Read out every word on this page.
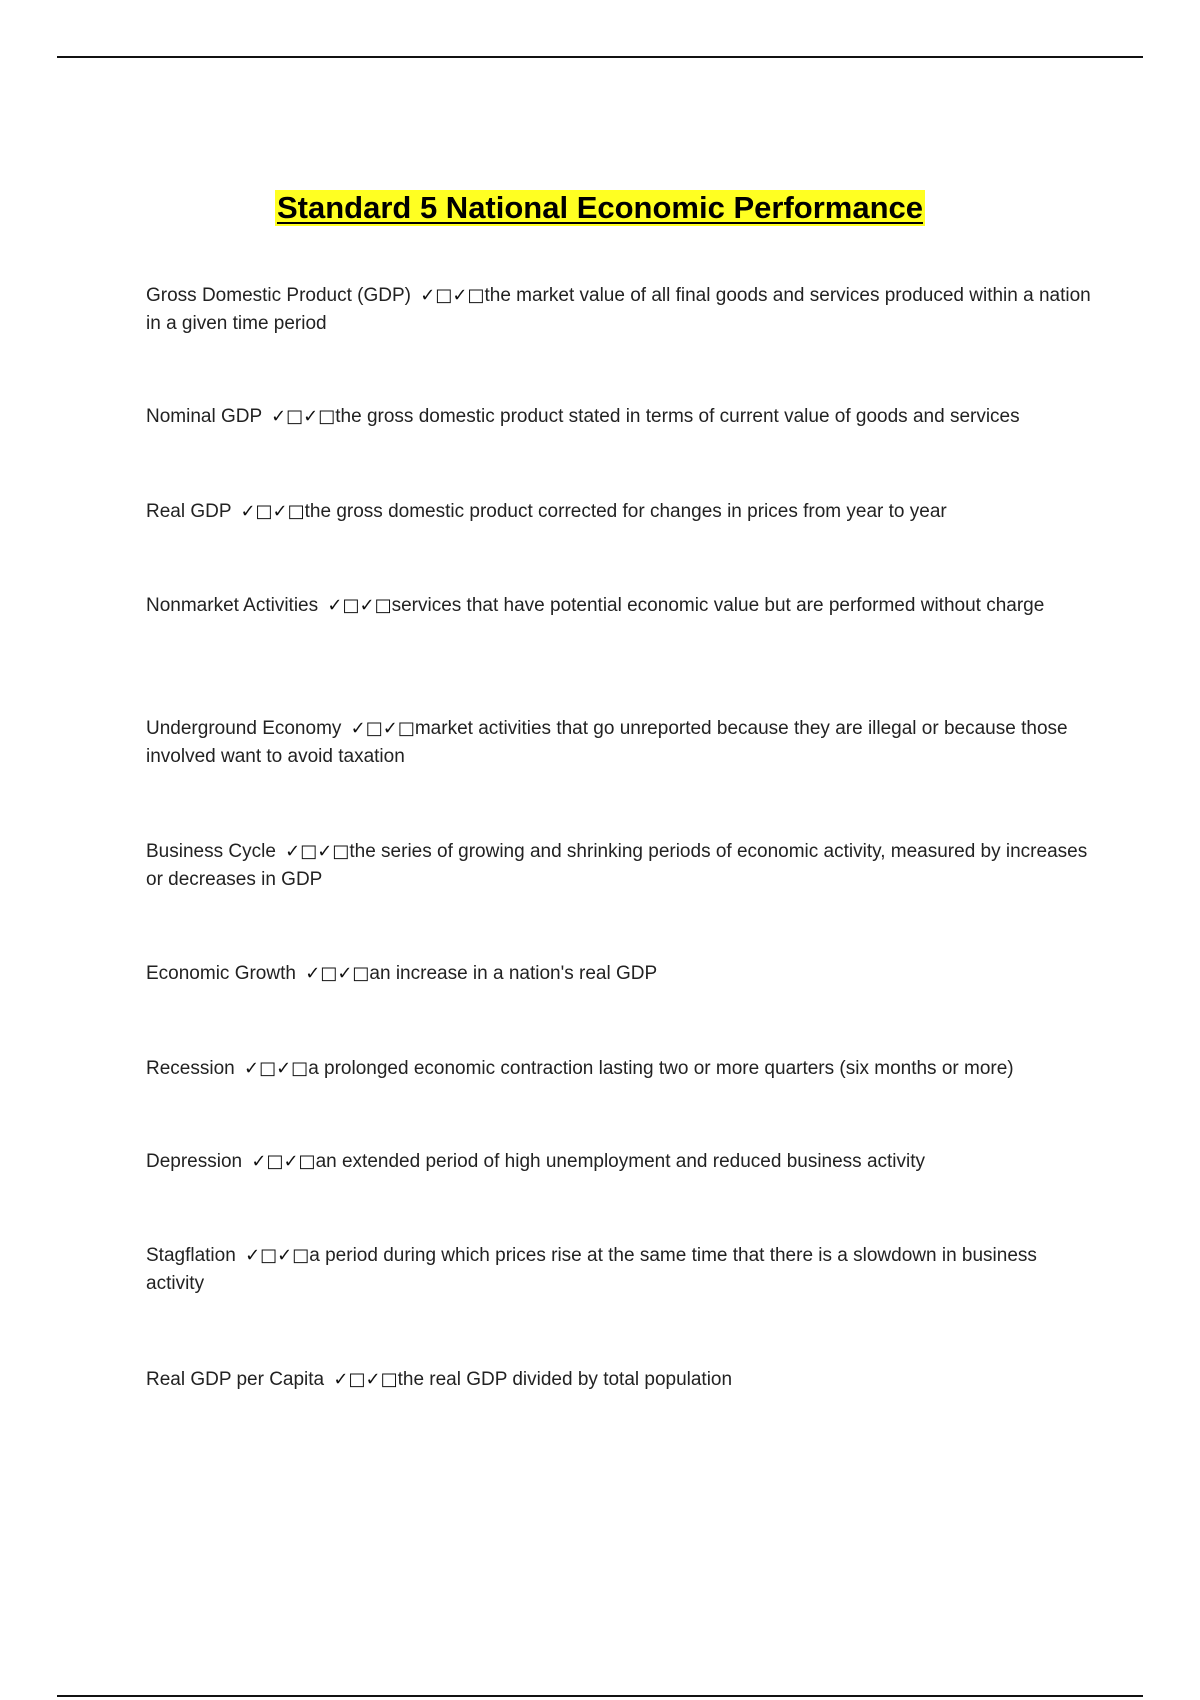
Standard 5 National Economic Performance
Gross Domestic Product (GDP) ✓□✓□the market value of all final goods and services produced within a nation in a given time period
Nominal GDP ✓□✓□the gross domestic product stated in terms of current value of goods and services
Real GDP ✓□✓□the gross domestic product corrected for changes in prices from year to year
Nonmarket Activities ✓□✓□services that have potential economic value but are performed without charge
Underground Economy ✓□✓□market activities that go unreported because they are illegal or because those involved want to avoid taxation
Business Cycle ✓□✓□the series of growing and shrinking periods of economic activity, measured by increases or decreases in GDP
Economic Growth ✓□✓□an increase in a nation's real GDP
Recession ✓□✓□a prolonged economic contraction lasting two or more quarters (six months or more)
Depression ✓□✓□an extended period of high unemployment and reduced business activity
Stagflation ✓□✓□a period during which prices rise at the same time that there is a slowdown in business activity
Real GDP per Capita ✓□✓□the real GDP divided by total population
